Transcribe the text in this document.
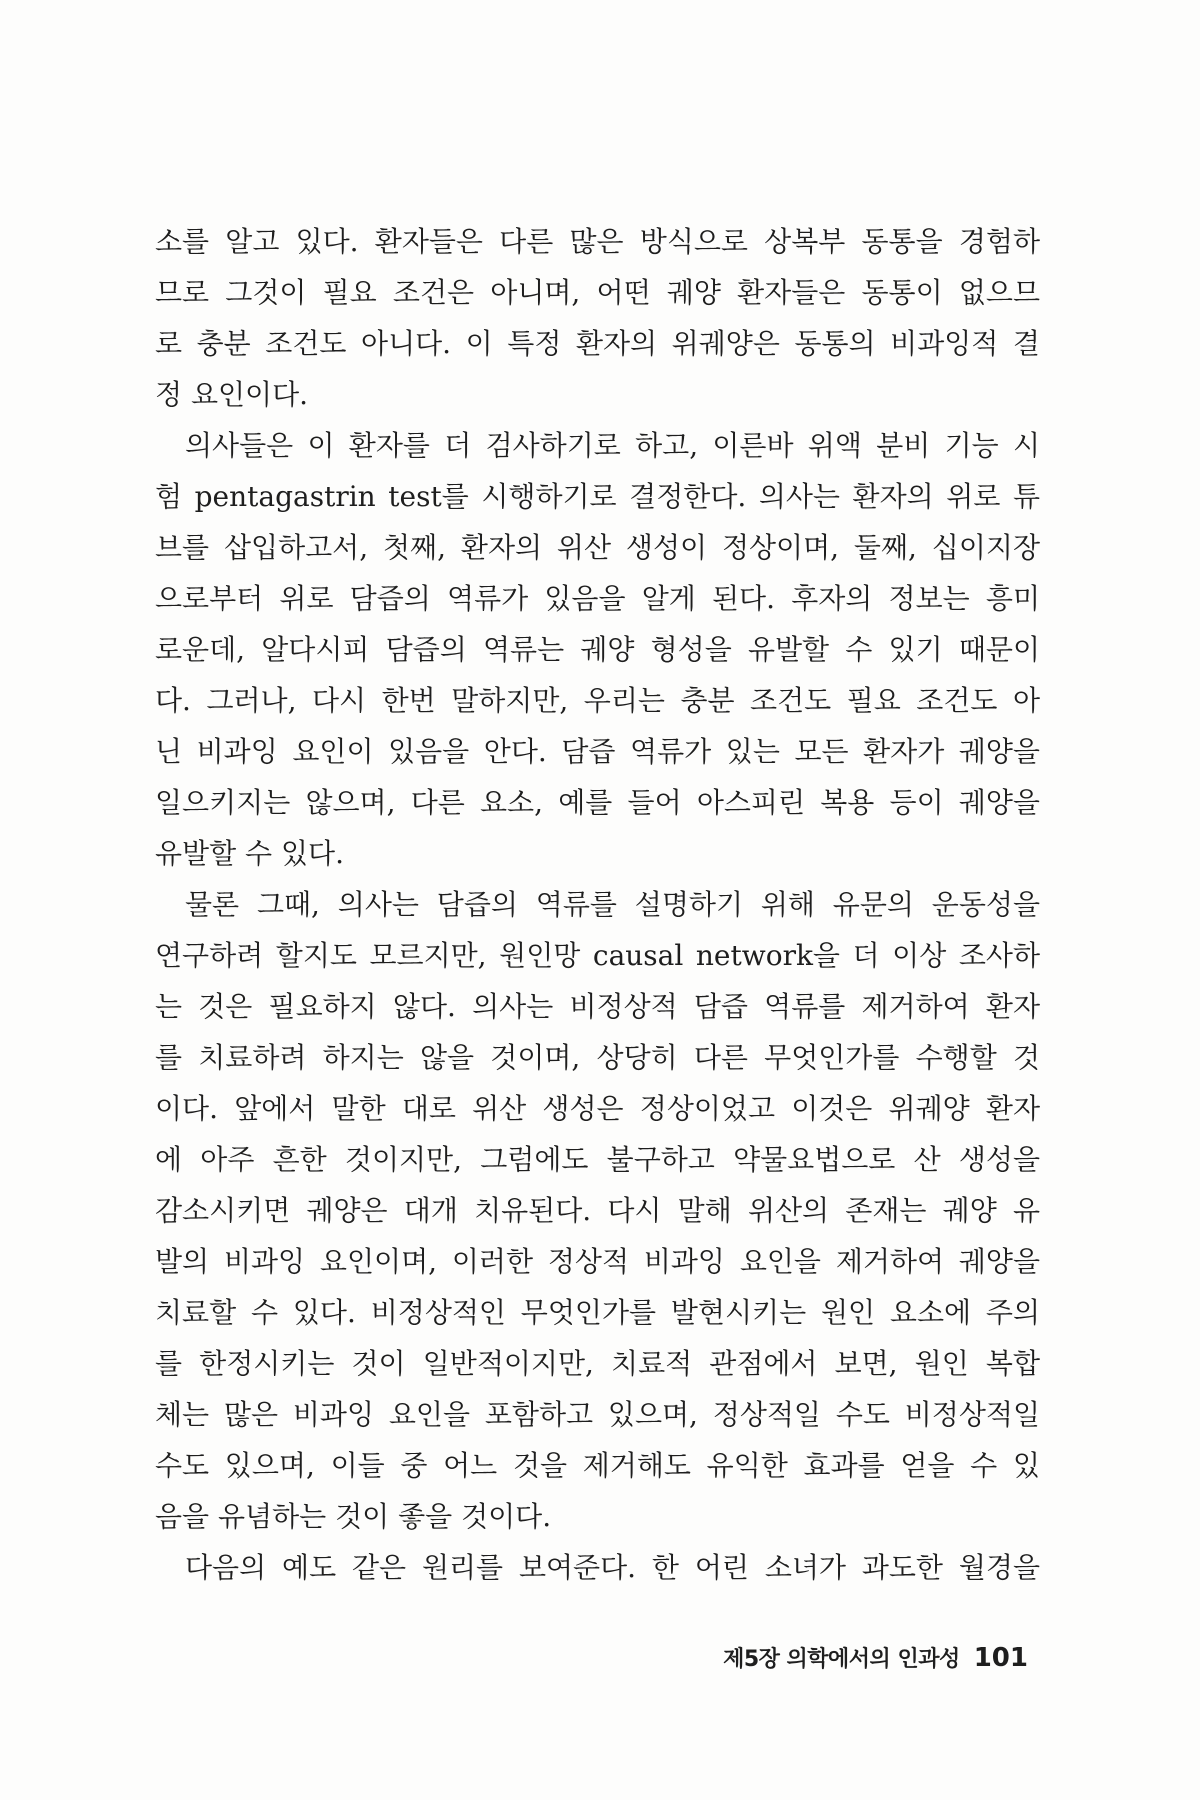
소를 알고 있다. 환자들은 다른 많은 방식으로 상복부 동통을 경험하
므로 그것이 필요 조건은 아니며, 어떤 궤양 환자들은 동통이 없으므
로 충분 조건도 아니다. 이 특정 환자의 위궤양은 동통의 비과잉적 결
정 요인이다.
의사들은 이 환자를 더 검사하기로 하고, 이른바 위액 분비 기능 시
험 pentagastrin test를 시행하기로 결정한다. 의사는 환자의 위로 튜
브를 삽입하고서, 첫째, 환자의 위산 생성이 정상이며, 둘째, 십이지장
으로부터 위로 담즙의 역류가 있음을 알게 된다. 후자의 정보는 흥미
로운데, 알다시피 담즙의 역류는 궤양 형성을 유발할 수 있기 때문이
다. 그러나, 다시 한번 말하지만, 우리는 충분 조건도 필요 조건도 아
닌 비과잉 요인이 있음을 안다. 담즙 역류가 있는 모든 환자가 궤양을
일으키지는 않으며, 다른 요소, 예를 들어 아스피린 복용 등이 궤양을
유발할 수 있다.
물론 그때, 의사는 담즙의 역류를 설명하기 위해 유문의 운동성을
연구하려 할지도 모르지만, 원인망 causal network을 더 이상 조사하
는 것은 필요하지 않다. 의사는 비정상적 담즙 역류를 제거하여 환자
를 치료하려 하지는 않을 것이며, 상당히 다른 무엇인가를 수행할 것
이다. 앞에서 말한 대로 위산 생성은 정상이었고 이것은 위궤양 환자
에 아주 흔한 것이지만, 그럼에도 불구하고 약물요법으로 산 생성을
감소시키면 궤양은 대개 치유된다. 다시 말해 위산의 존재는 궤양 유
발의 비과잉 요인이며, 이러한 정상적 비과잉 요인을 제거하여 궤양을
치료할 수 있다. 비정상적인 무엇인가를 발현시키는 원인 요소에 주의
를 한정시키는 것이 일반적이지만, 치료적 관점에서 보면, 원인 복합
체는 많은 비과잉 요인을 포함하고 있으며, 정상적일 수도 비정상적일
수도 있으며, 이들 중 어느 것을 제거해도 유익한 효과를 얻을 수 있
음을 유념하는 것이 좋을 것이다.
다음의 예도 같은 원리를 보여준다. 한 어린 소녀가 과도한 월경을
제5장 의학에서의 인과성 101
